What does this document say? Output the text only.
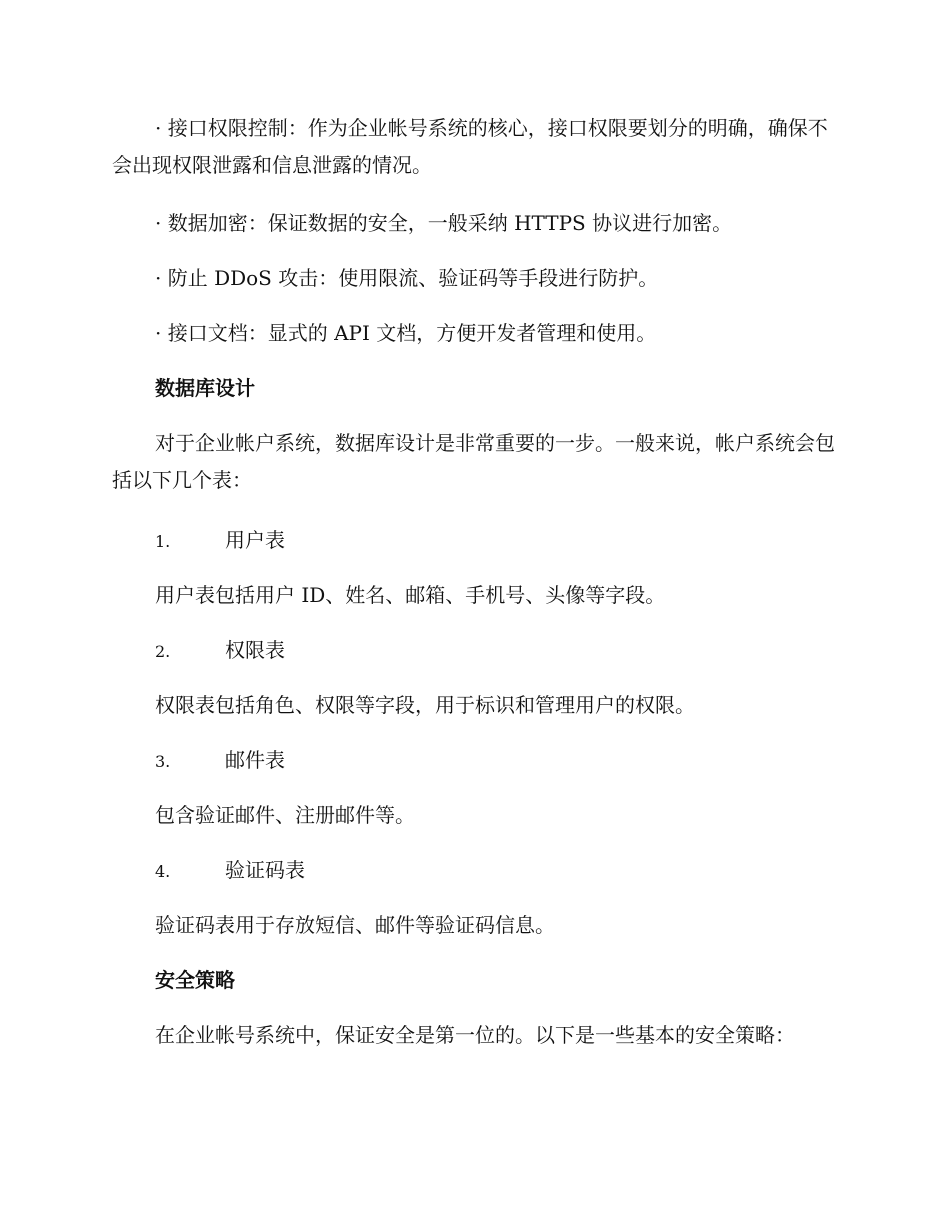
· 接口权限控制：作为企业帐号系统的核心，接口权限要划分的明确，确保不会出现权限泄露和信息泄露的情况。

· 数据加密：保证数据的安全，一般采纳 HTTPS 协议进行加密。

· 防止 DDoS 攻击：使用限流、验证码等手段进行防护。

· 接口文档：显式的 API 文档，方便开发者管理和使用。

数据库设计

对于企业帐户系统，数据库设计是非常重要的一步。一般来说，帐户系统会包括以下几个表：

1.	用户表

用户表包括用户 ID、姓名、邮箱、手机号、头像等字段。

2.	权限表

权限表包括角色、权限等字段，用于标识和管理用户的权限。

3.	邮件表

包含验证邮件、注册邮件等。

4.	验证码表

验证码表用于存放短信、邮件等验证码信息。

安全策略

在企业帐号系统中，保证安全是第一位的。以下是一些基本的安全策略：
